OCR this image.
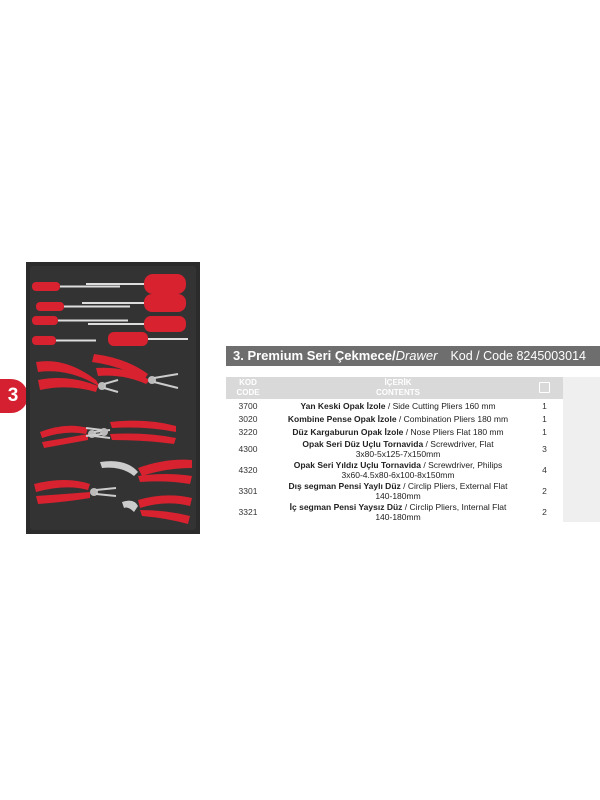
3
3. Premium Seri Çekmece/Drawer Kod / Code 8245003014
KOD
CODE
İÇERİK
CONTENTS
3700	Yan Keski Opak İzole / Side Cutting Pliers 160 mm	1
3020	Kombine Pense Opak İzole / Combination Pliers 180 mm	1
3220	Düz Kargaburun Opak İzole / Nose Pliers Flat 180 mm	1
4300	Opak Seri Düz Uçlu Tornavida / Screwdriver, Flat
3x80-5x125-7x150mm	3
4320	Opak Seri Yıldız Uçlu Tornavida / Screwdriver, Philips
3x60-4.5x80-6x100-8x150mm	4
3301	Dış segman Pensi Yaylı Düz / Circlip Pliers, External Flat
140-180mm	2
3321	İç segman Pensi Yaysız Düz / Circlip Pliers, Internal Flat
140-180mm	2
